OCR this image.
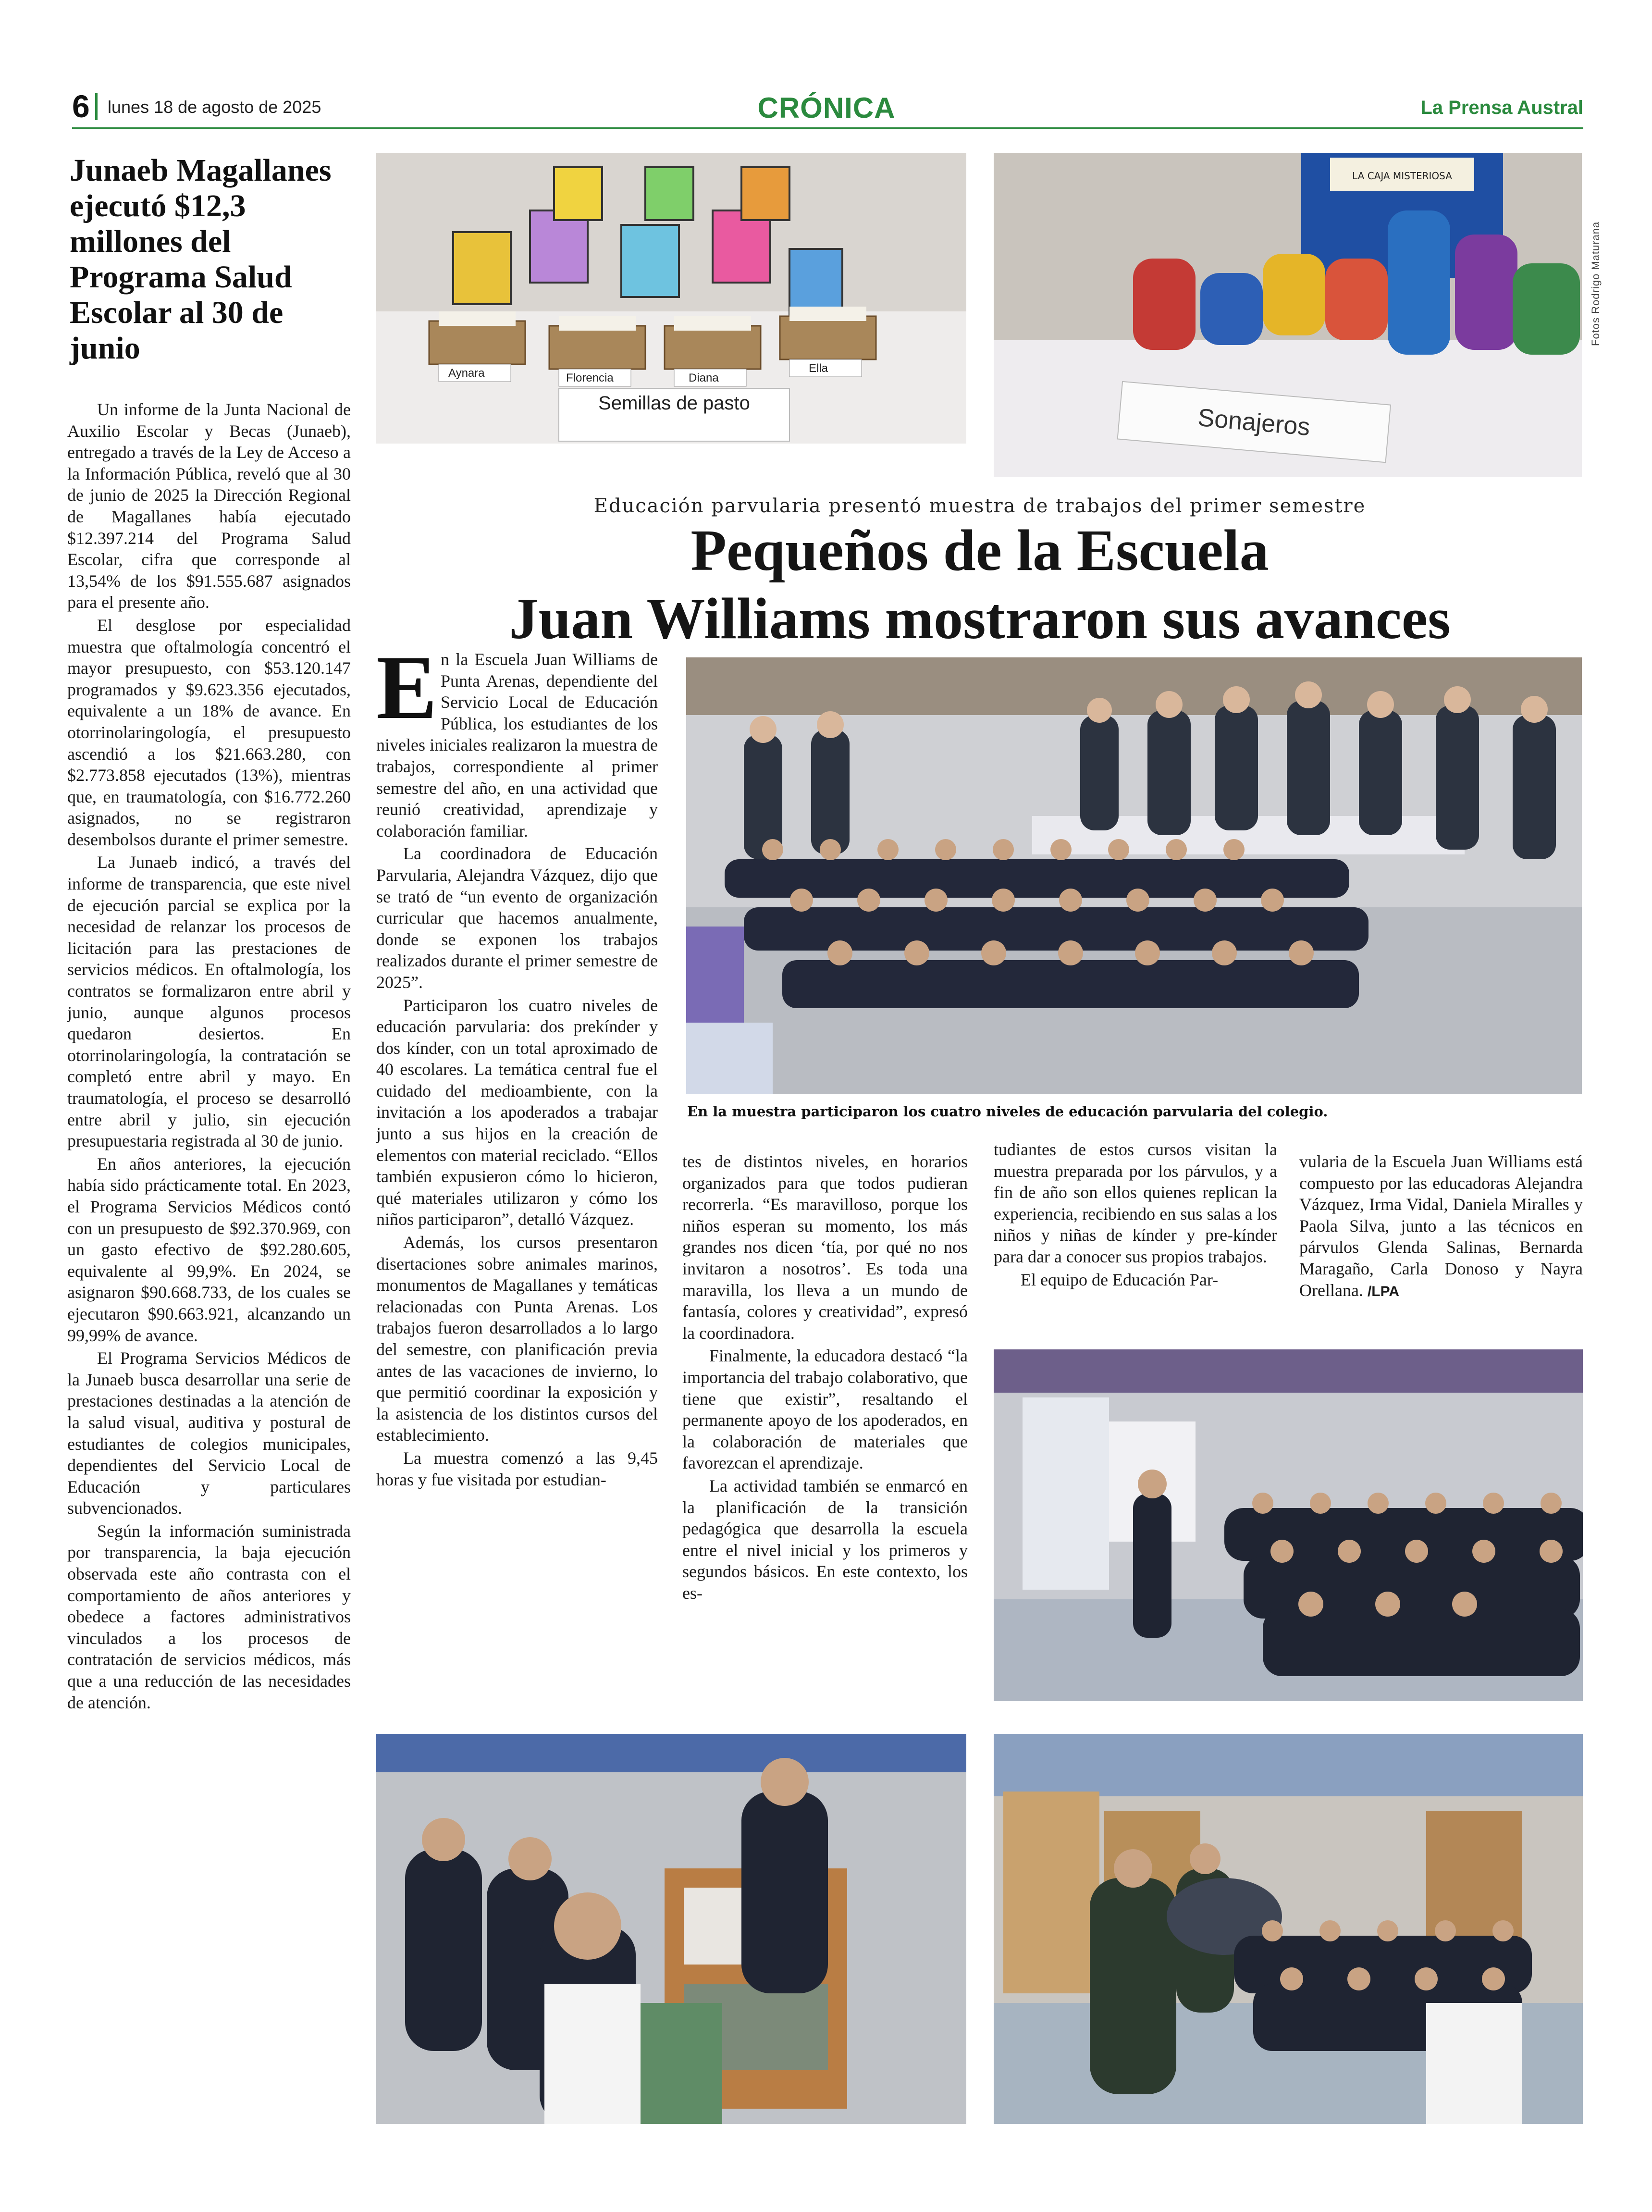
6 lunes 18 de agosto de 2025	CRÓNICA	La Prensa Austral
Junaeb Magallanes ejecutó $12,3 millones del Programa Salud Escolar al 30 de junio

Un informe de la Junta Nacional de Auxilio Escolar y Becas (Junaeb), entregado a través de la Ley de Acceso a la Información Pública, reveló que al 30 de junio de 2025 la Dirección Regional de Magallanes había ejecutado $12.397.214 del Programa Salud Escolar, cifra que corresponde al 13,54% de los $91.555.687 asignados para el presente año.

El desglose por especialidad muestra que oftalmología concentró el mayor presupuesto, con $53.120.147 programados y $9.623.356 ejecutados, equivalente a un 18% de avance. En otorrinolaringología, el presupuesto ascendió a los $21.663.280, con $2.773.858 ejecutados (13%), mientras que, en traumatología, con $16.772.260 asignados, no se registraron desembolsos durante el primer semestre.

La Junaeb indicó, a través del informe de transparencia, que este nivel de ejecución parcial se explica por la necesidad de relanzar los procesos de licitación para las prestaciones de servicios médicos. En oftalmología, los contratos se formalizaron entre abril y junio, aunque algunos procesos quedaron desiertos. En otorrinolaringología, la contratación se completó entre abril y mayo. En traumatología, el proceso se desarrolló entre abril y julio, sin ejecución presupuestaria registrada al 30 de junio.

En años anteriores, la ejecución había sido prácticamente total. En 2023, el Programa Servicios Médicos contó con un presupuesto de $92.370.969, con un gasto efectivo de $92.280.605, equivalente al 99,9%. En 2024, se asignaron $90.668.733, de los cuales se ejecutaron $90.663.921, alcanzando un 99,99% de avance.

El Programa Servicios Médicos de la Junaeb busca desarrollar una serie de prestaciones destinadas a la atención de la salud visual, auditiva y postural de estudiantes de colegios municipales, dependientes del Servicio Local de Educación y particulares subvencionados.

Según la información suministrada por transparencia, la baja ejecución observada este año contrasta con el comportamiento de años anteriores y obedece a factores administrativos vinculados a los procesos de contratación de servicios médicos, más que a una reducción de las necesidades de atención.

Aynara	Florencia	Diana
Ella
Semillas de pasto
LA CAJA MISTERIOSA
Sonajeros
Fotos Rodrigo Maturana
Educación parvularia presentó muestra de trabajos del primer semestre
Pequeños de la Escuela
Juan Williams mostraron sus avances
En la muestra participaron los cuatro niveles de educación parvularia del colegio.

En la Escuela Juan Williams de Punta Arenas, dependiente del Servicio Local de Educación Pública, los estudiantes de los niveles iniciales realizaron la muestra de trabajos, correspondiente al primer semestre del año, en una actividad que reunió creatividad, aprendizaje y colaboración familiar.

La coordinadora de Educación Parvularia, Alejandra Vázquez, dijo que se trató de “un evento de organización curricular que hacemos anualmente, donde se exponen los trabajos realizados durante el primer semestre de 2025”.

Participaron los cuatro niveles de educación parvularia: dos prekínder y dos kínder, con un total aproximado de 40 escolares. La temática central fue el cuidado del medioambiente, con la invitación a los apoderados a trabajar junto a sus hijos en la creación de elementos con material reciclado. “Ellos también expusieron cómo lo hicieron, qué materiales utilizaron y cómo los niños participaron”, detalló Vázquez.

Además, los cursos presentaron disertaciones sobre animales marinos, monumentos de Magallanes y temáticas relacionadas con Punta Arenas. Los trabajos fueron desarrollados a lo largo del semestre, con planificación previa antes de las vacaciones de invierno, lo que permitió coordinar la exposición y la asistencia de los distintos cursos del establecimiento.

La muestra comenzó a las 9,45 horas y fue visitada por estudian-

tes de distintos niveles, en horarios organizados para que todos pudieran recorrerla. “Es maravilloso, porque los niños esperan su momento, los más grandes nos dicen ‘tía, por qué no nos invitaron a nosotros’. Es toda una maravilla, los lleva a un mundo de fantasía, colores y creatividad”, expresó la coordinadora.

Finalmente, la educadora destacó “la importancia del trabajo colaborativo, que tiene que existir”, resaltando el permanente apoyo de los apoderados, en la colaboración de materiales que favorezcan el aprendizaje.

La actividad también se enmarcó en la planificación de la transición pedagógica que desarrolla la escuela entre el nivel inicial y los primeros y segundos básicos. En este contexto, los es-

tudiantes de estos cursos visitan la muestra preparada por los párvulos, y a fin de año son ellos quienes replican la experiencia, recibiendo en sus salas a los niños y niñas de kínder y pre-kínder para dar a conocer sus propios trabajos.

El equipo de Educación Par-

vularia de la Escuela Juan Williams está compuesto por las educadoras Alejandra Vázquez, Irma Vidal, Daniela Miralles y Paola Silva, junto a las técnicos en párvulos Glenda Salinas, Bernarda Maragaño, Carla Donoso y Nayra Orellana. /LPA
